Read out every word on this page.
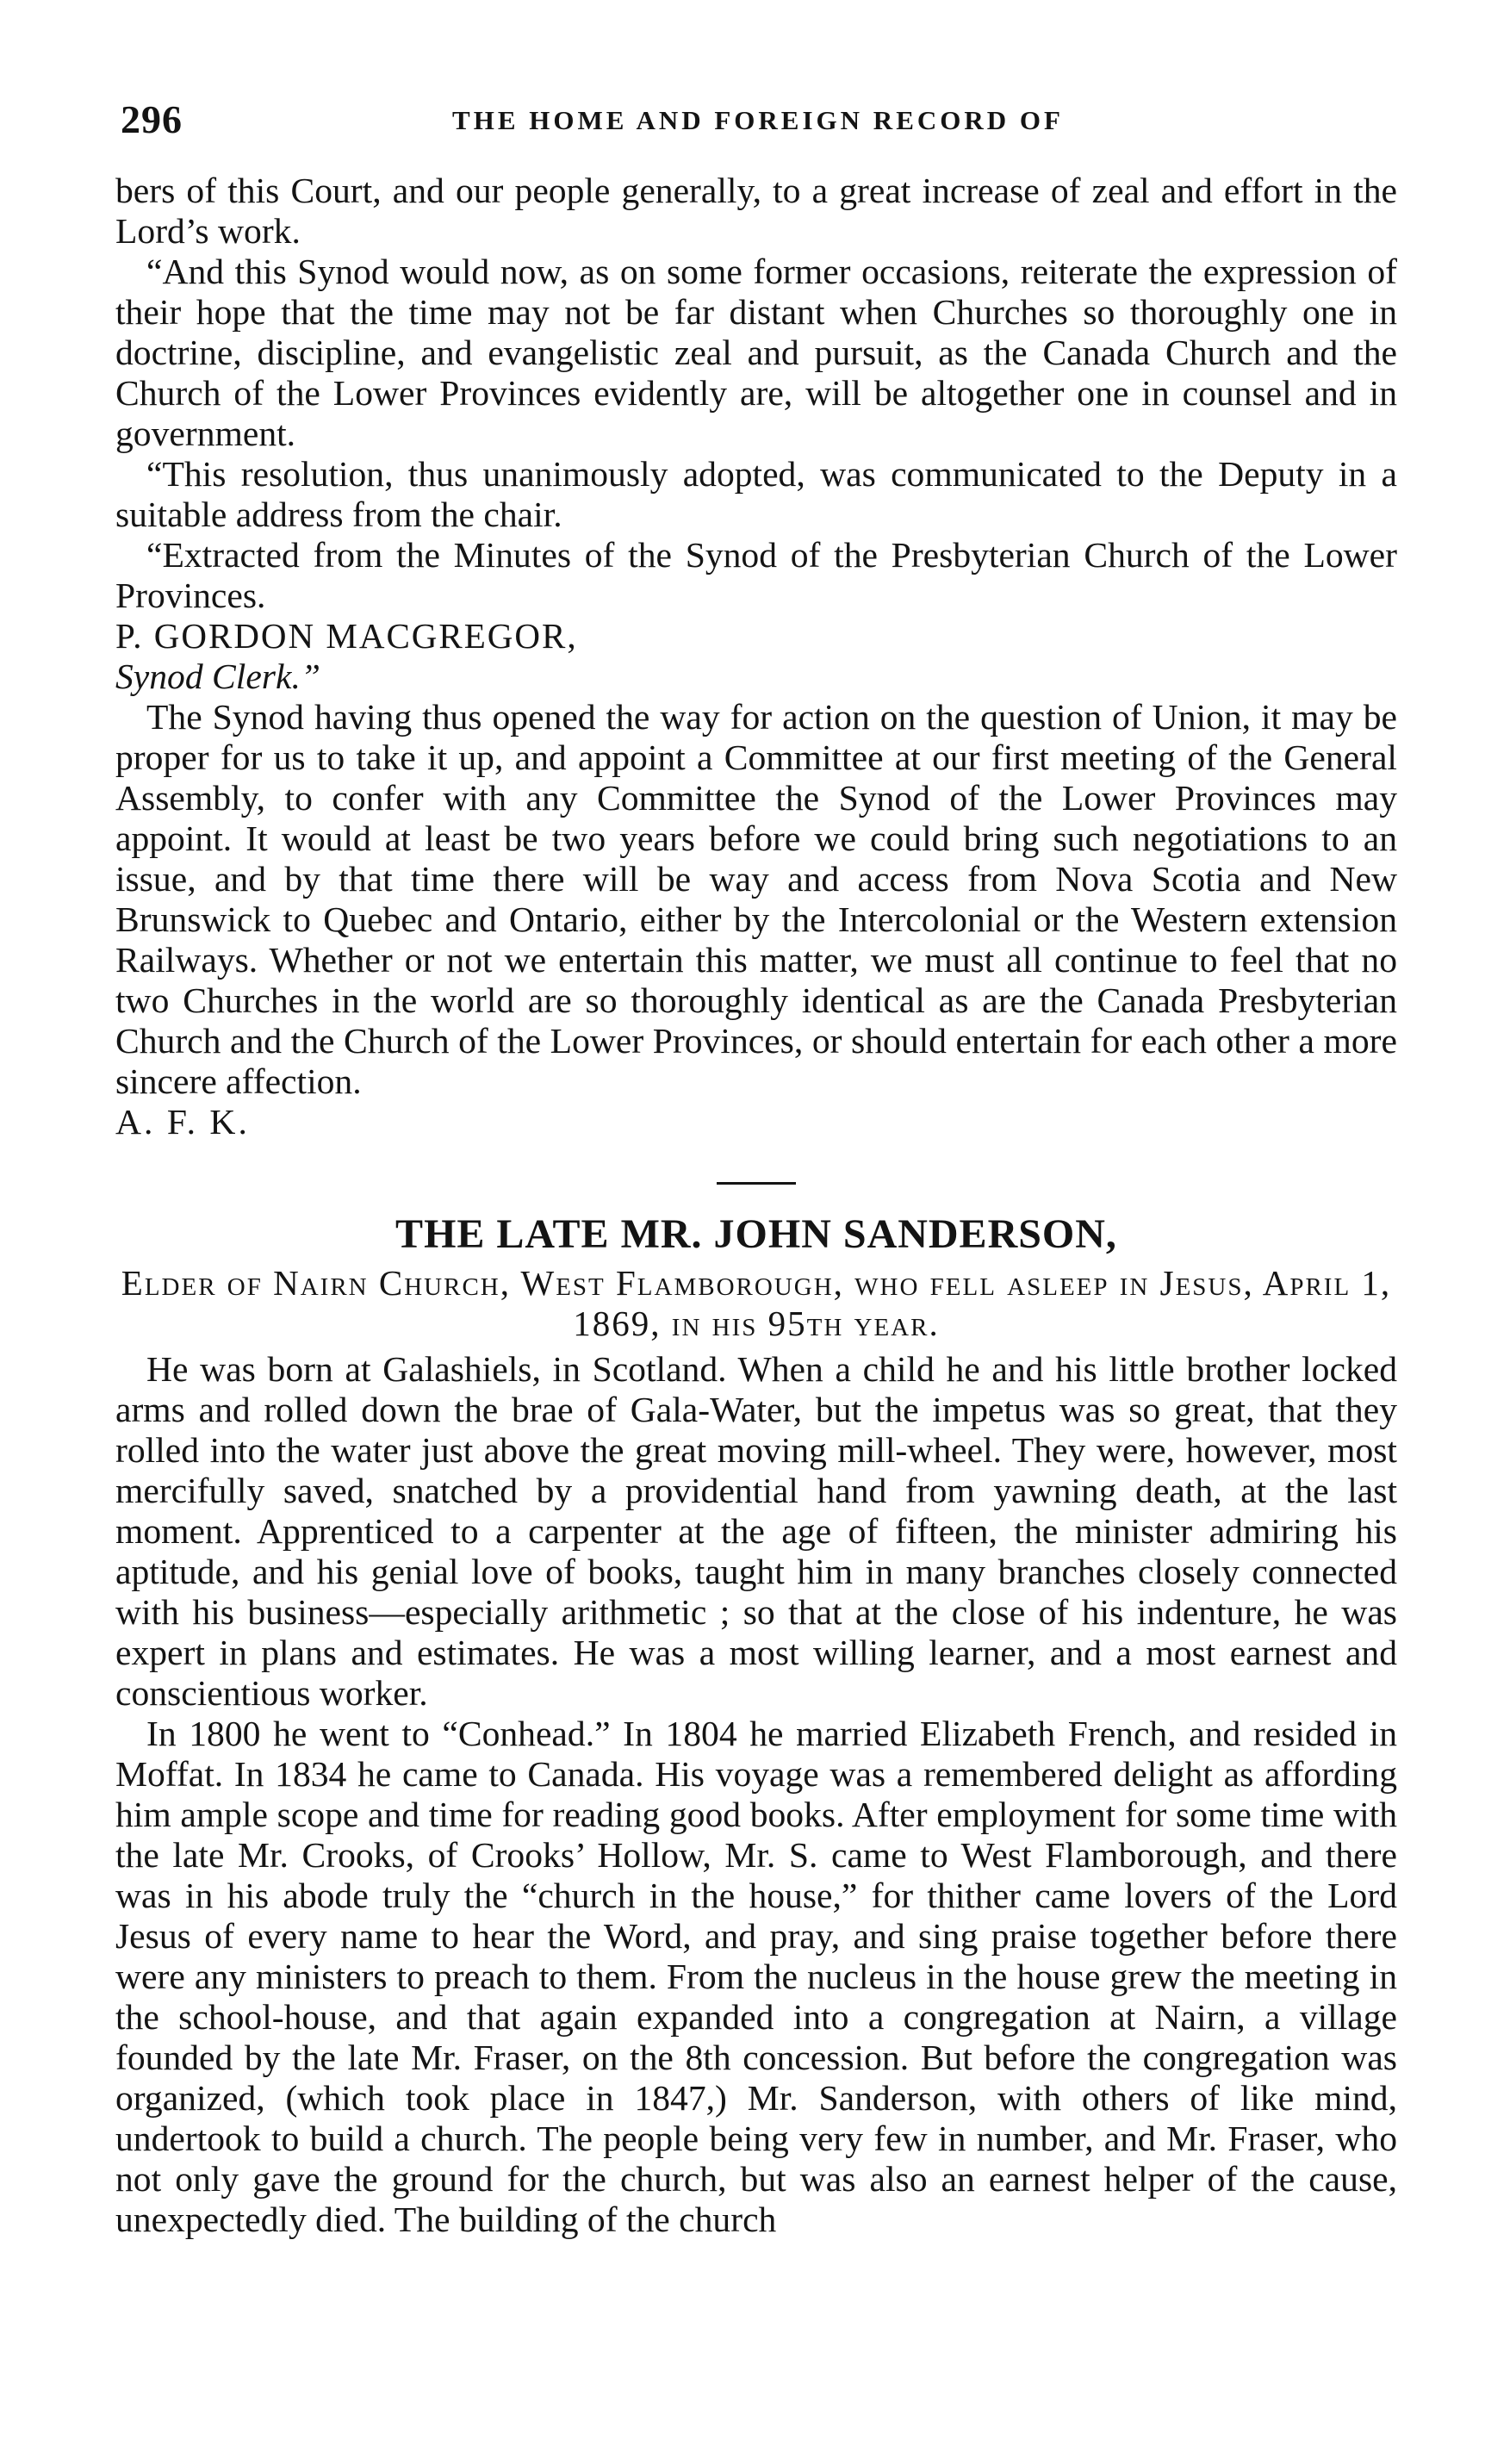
296	THE HOME AND FOREIGN RECORD OF

bers of this Court, and our people generally, to a great increase of zeal and effort in the Lord’s work.

“And this Synod would now, as on some former occasions, reiterate the expression of their hope that the time may not be far distant when Churches so thoroughly one in doctrine, discipline, and evangelistic zeal and pursuit, as the Canada Church and the Church of the Lower Provinces evidently are, will be altogether one in counsel and in government.

“This resolution, thus unanimously adopted, was communicated to the Deputy in a suitable address from the chair.

“Extracted from the Minutes of the Synod of the Presbyterian Church of the Lower Provinces.

P. GORDON MACGREGOR,

Synod Clerk.”

The Synod having thus opened the way for action on the question of Union, it may be proper for us to take it up, and appoint a Committee at our first meeting of the General Assembly, to confer with any Committee the Synod of the Lower Provinces may appoint. It would at least be two years before we could bring such negotiations to an issue, and by that time there will be way and access from Nova Scotia and New Brunswick to Quebec and Ontario, either by the Intercolonial or the Western extension Railways. Whether or not we entertain this matter, we must all continue to feel that no two Churches in the world are so thoroughly identical as are the Canada Presbyterian Church and the Church of the Lower Provinces, or should entertain for each other a more sincere affection.

A. F. K.

THE LATE MR. JOHN SANDERSON,
Elder of Nairn Church, West Flamborough, who fell asleep in Jesus, April 1, 1869, in his 95th year.

He was born at Galashiels, in Scotland. When a child he and his little brother locked arms and rolled down the brae of Gala-Water, but the impetus was so great, that they rolled into the water just above the great moving mill-wheel. They were, however, most mercifully saved, snatched by a providential hand from yawning death, at the last moment. Apprenticed to a carpenter at the age of fifteen, the minister admiring his aptitude, and his genial love of books, taught him in many branches closely connected with his business—especially arithmetic ; so that at the close of his indenture, he was expert in plans and estimates. He was a most willing learner, and a most earnest and conscientious worker.

In 1800 he went to “Conhead.” In 1804 he married Elizabeth French, and resided in Moffat. In 1834 he came to Canada. His voyage was a remembered delight as affording him ample scope and time for reading good books. After employment for some time with the late Mr. Crooks, of Crooks’ Hollow, Mr. S. came to West Flamborough, and there was in his abode truly the “church in the house,” for thither came lovers of the Lord Jesus of every name to hear the Word, and pray, and sing praise together before there were any ministers to preach to them. From the nucleus in the house grew the meeting in the school-house, and that again expanded into a congregation at Nairn, a village founded by the late Mr. Fraser, on the 8th concession. But before the congregation was organized, (which took place in 1847,) Mr. Sanderson, with others of like mind, undertook to build a church. The people being very few in number, and Mr. Fraser, who not only gave the ground for the church, but was also an earnest helper of the cause, unexpectedly died. The building of the church
